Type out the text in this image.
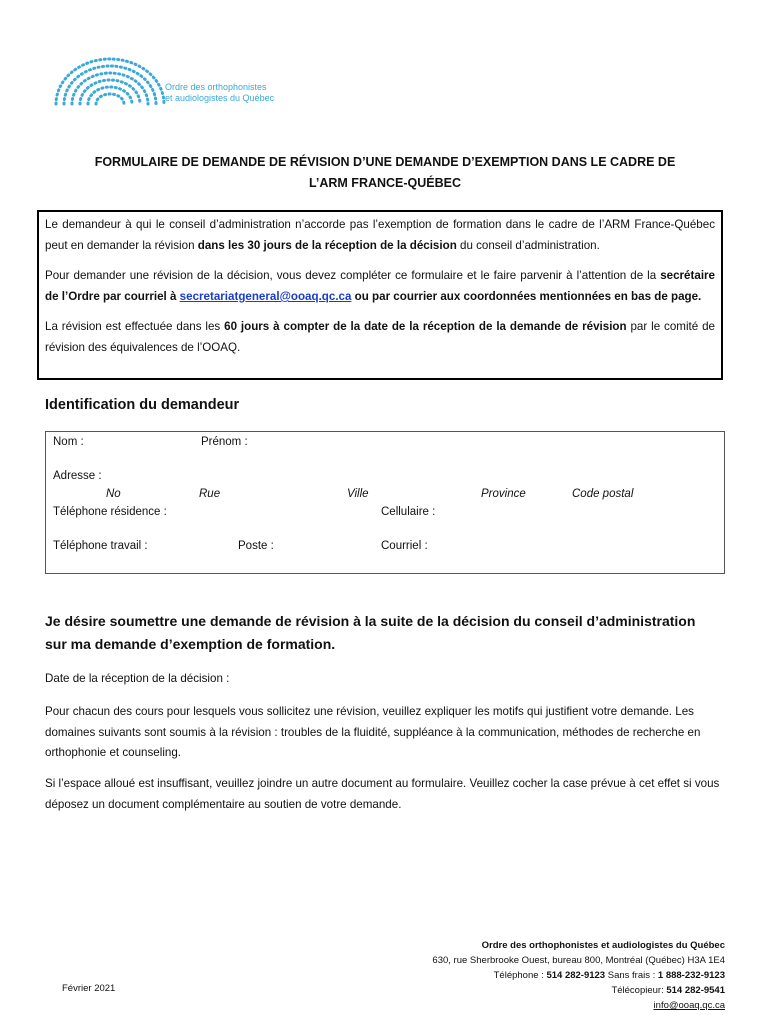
Ordre des orthophonistes
et audiologistes du Québec
FORMULAIRE DE DEMANDE DE RÉVISION D’UNE DEMANDE D’EXEMPTION DANS LE CADRE DE
L’ARM FRANCE-QUÉBEC

Le demandeur à qui le conseil d’administration n’accorde pas l’exemption de formation dans le cadre de l’ARM France-Québec peut en demander la révision dans les 30 jours de la réception de la décision du conseil d’administration.

Pour demander une révision de la décision, vous devez compléter ce formulaire et le faire parvenir à l’attention de la secrétaire de l’Ordre par courriel à secretariatgeneral@ooaq.qc.ca ou par courrier aux coordonnées mentionnées en bas de page.

La révision est effectuée dans les 60 jours à compter de la date de la réception de la demande de révision par le comité de révision des équivalences de l’OOAQ.

Identification du demandeur
Nom :	Prénom :
Adresse :
No	Rue	Ville	Province	Code postal
Téléphone résidence :	Cellulaire :
Téléphone travail :	Poste :	Courriel :
Je désire soumettre une demande de révision à la suite de la décision du conseil d’administration
sur ma demande d’exemption de formation.
Date de la réception de la décision :
Pour chacun des cours pour lesquels vous sollicitez une révision, veuillez expliquer les motifs qui justifient votre demande. Les domaines suivants sont soumis à la révision : troubles de la fluidité, suppléance à la communication, méthodes de recherche en orthophonie et counseling.
Si l’espace alloué est insuffisant, veuillez joindre un autre document au formulaire. Veuillez cocher la case prévue à cet effet si vous déposez un document complémentaire au soutien de votre demande.
Ordre des orthophonistes et audiologistes du Québec
630, rue Sherbrooke Ouest, bureau 800, Montréal (Québec) H3A 1E4
Téléphone : 514 282-9123 Sans frais : 1 888-232-9123
Télécopieur: 514 282-9541
info@ooaq.qc.ca
Février 2021
